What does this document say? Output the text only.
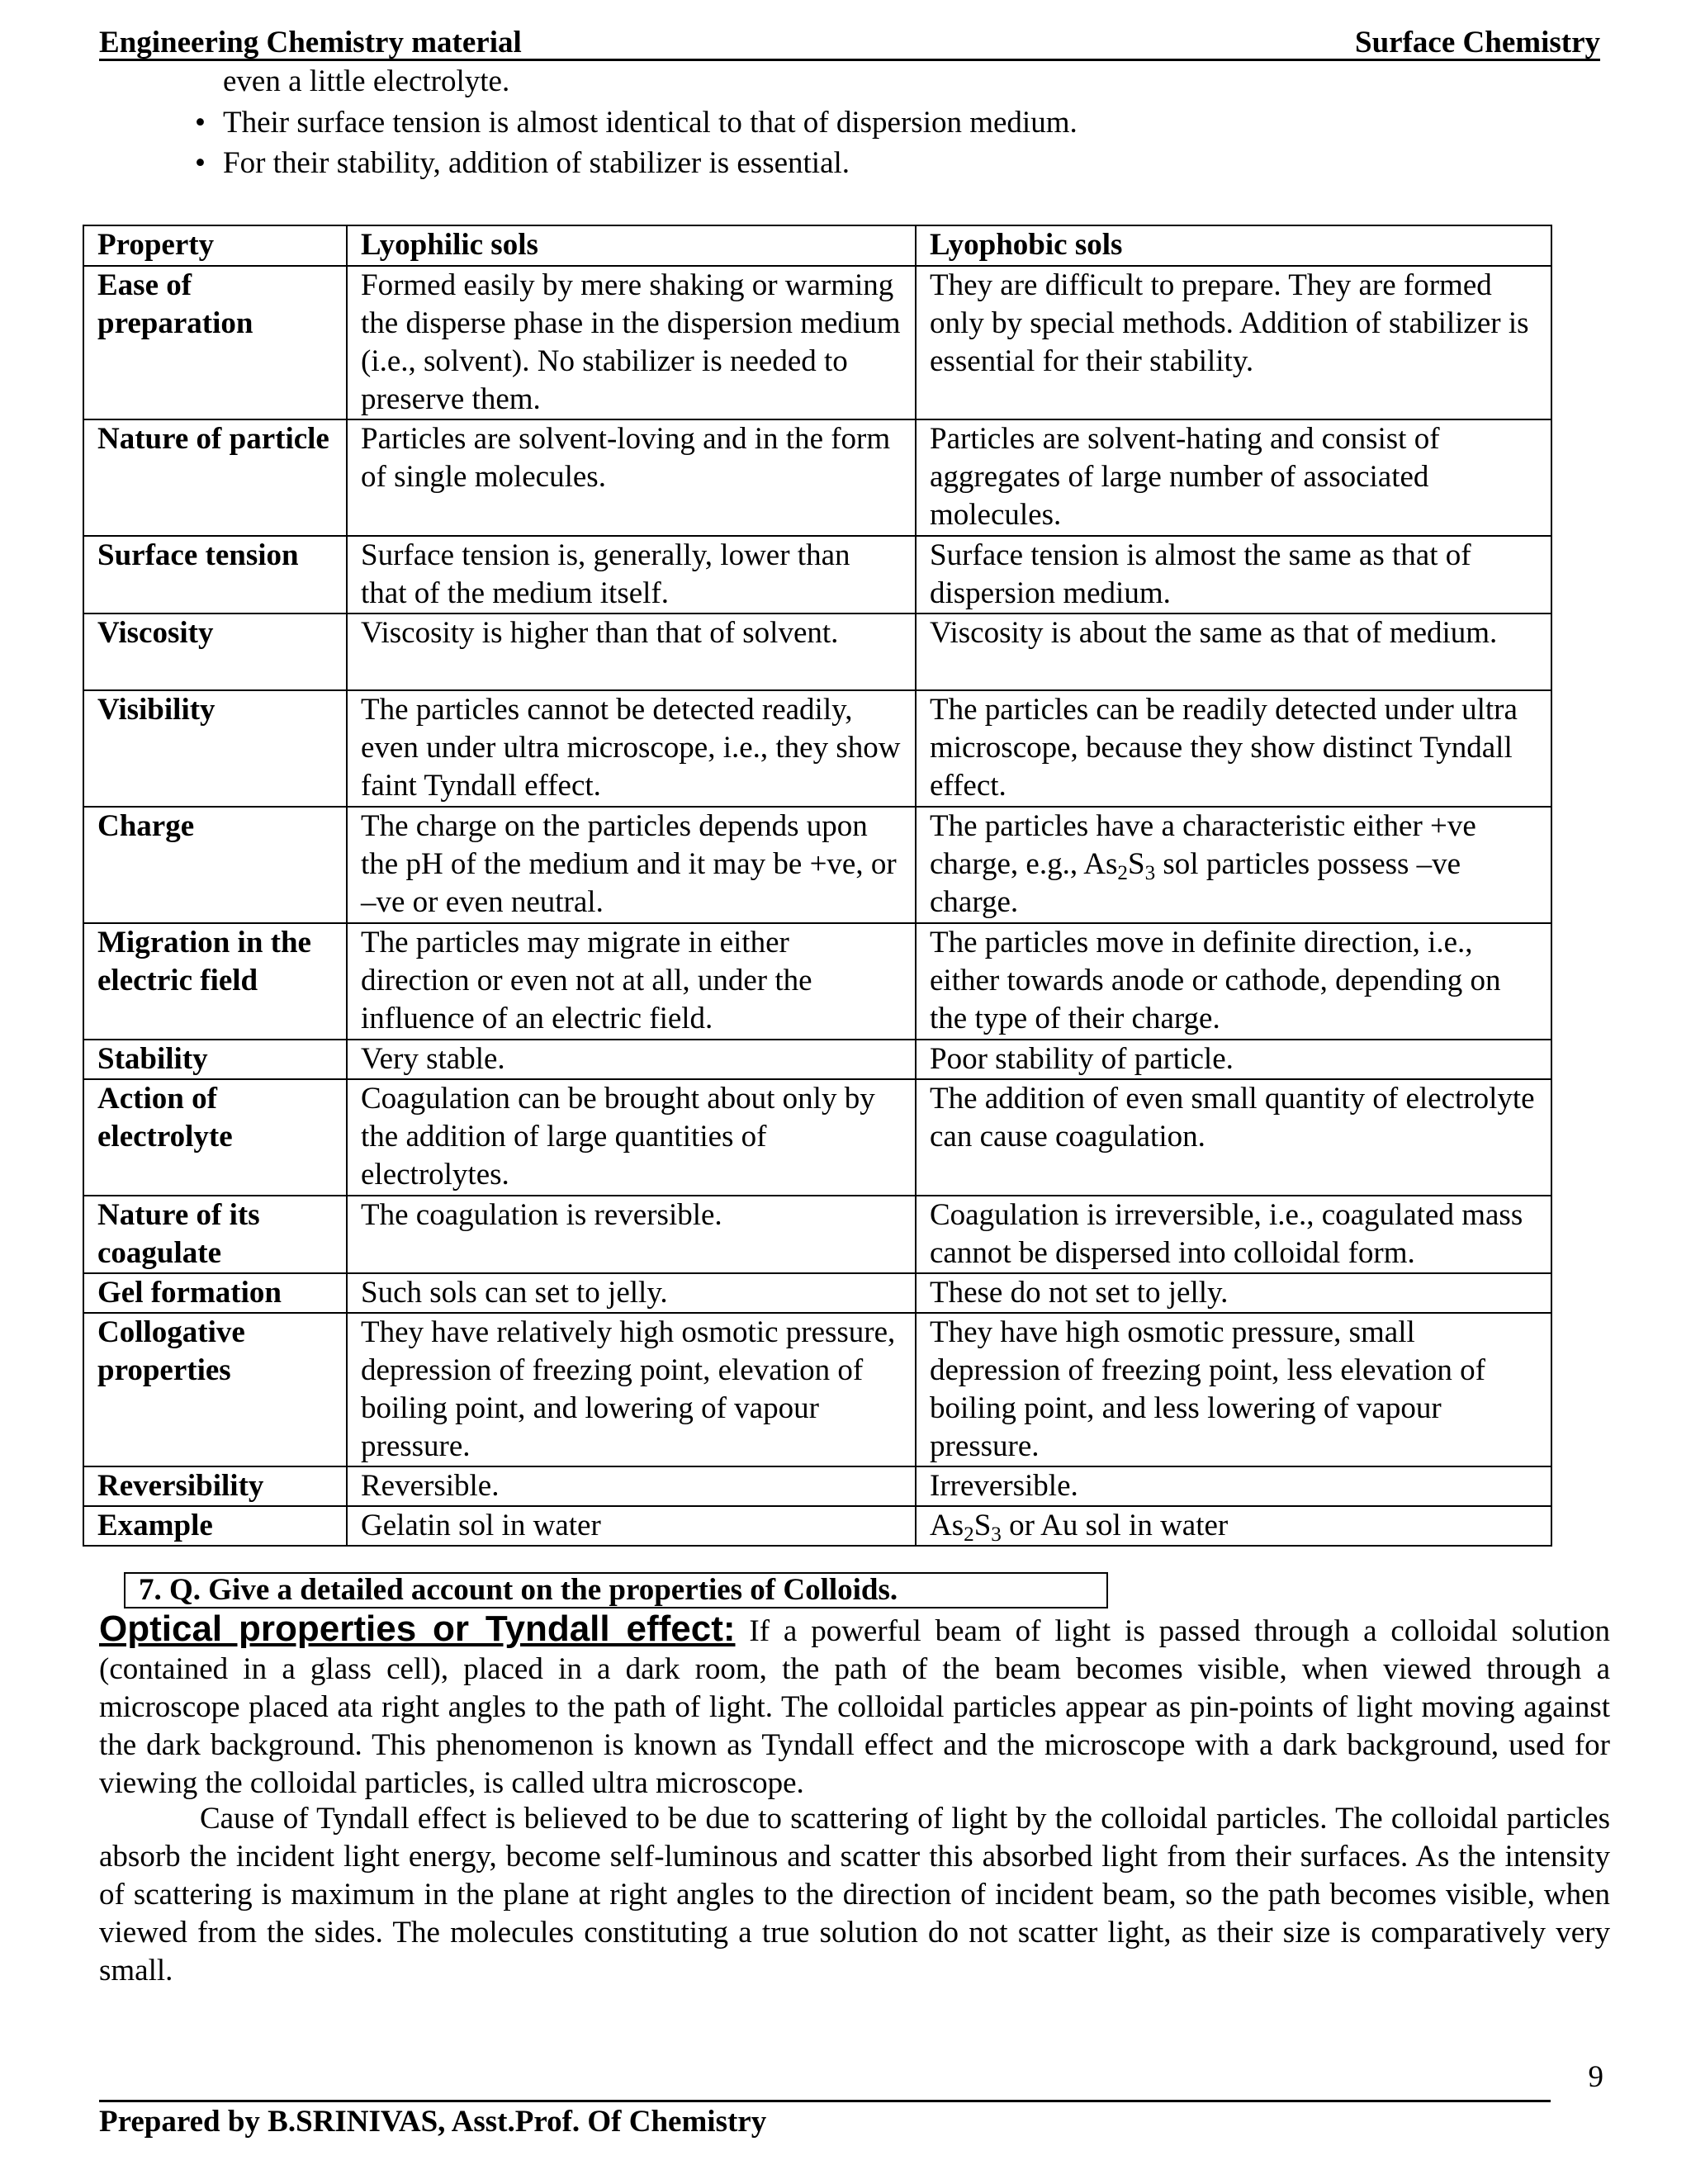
Engineering Chemistry material	Surface Chemistry
even a little electrolyte.
• Their surface tension is almost identical to that of dispersion medium.
• For their stability, addition of stabilizer is essential.
Property	Lyophilic sols	Lyophobic sols
Ease of preparation	Formed easily by mere shaking or warming the disperse phase in the dispersion medium (i.e., solvent). No stabilizer is needed to preserve them.	They are difficult to prepare. They are formed only by special methods. Addition of stabilizer is essential for their stability.
Nature of particle	Particles are solvent-loving and in the form of single molecules.	Particles are solvent-hating and consist of aggregates of large number of associated molecules.
Surface tension	Surface tension is, generally, lower than that of the medium itself.	Surface tension is almost the same as that of dispersion medium.
Viscosity	Viscosity is higher than that of solvent.	Viscosity is about the same as that of medium.
Visibility	The particles cannot be detected readily, even under ultra microscope, i.e., they show faint Tyndall effect.	The particles can be readily detected under ultra microscope, because they show distinct Tyndall effect.
Charge	The charge on the particles depends upon the pH of the medium and it may be +ve, or –ve or even neutral.	The particles have a characteristic either +ve charge, e.g., $As_2S_3$ sol particles possess –ve charge.
Migration in the electric field	The particles may migrate in either direction or even not at all, under the influence of an electric field.	The particles move in definite direction, i.e., either towards anode or cathode, depending on the type of their charge.
Stability	Very stable.	Poor stability of particle.
Action of electrolyte	Coagulation can be brought about only by the addition of large quantities of electrolytes.	The addition of even small quantity of electrolyte can cause coagulation.
Nature of its coagulate	The coagulation is reversible.	Coagulation is irreversible, i.e., coagulated mass cannot be dispersed into colloidal form.
Gel formation	Such sols can set to jelly.	These do not set to jelly.
Collogative properties	They have relatively high osmotic pressure, depression of freezing point, elevation of boiling point, and lowering of vapour pressure.	They have high osmotic pressure, small depression of freezing point, less elevation of boiling point, and less lowering of vapour pressure.
Reversibility	Reversible.	Irreversible.
Example	Gelatin sol in water	$As_2S_3$ or Au sol in water
7. Q. Give a detailed account on the properties of Colloids.

Optical properties or Tyndall effect: If a powerful beam of light is passed through a colloidal solution (contained in a glass cell), placed in a dark room, the path of the beam becomes visible, when viewed through a microscope placed ata right angles to the path of light. The colloidal particles appear as pin-points of light moving against the dark background. This phenomenon is known as Tyndall effect and the microscope with a dark background, used for viewing the colloidal particles, is called ultra microscope.

Cause of Tyndall effect is believed to be due to scattering of light by the colloidal particles. The colloidal particles absorb the incident light energy, become self-luminous and scatter this absorbed light from their surfaces. As the intensity of scattering is maximum in the plane at right angles to the direction of incident beam, so the path becomes visible, when viewed from the sides. The molecules constituting a true solution do not scatter light, as their size is comparatively very small.

9
Prepared by B.SRINIVAS, Asst.Prof. Of Chemistry
